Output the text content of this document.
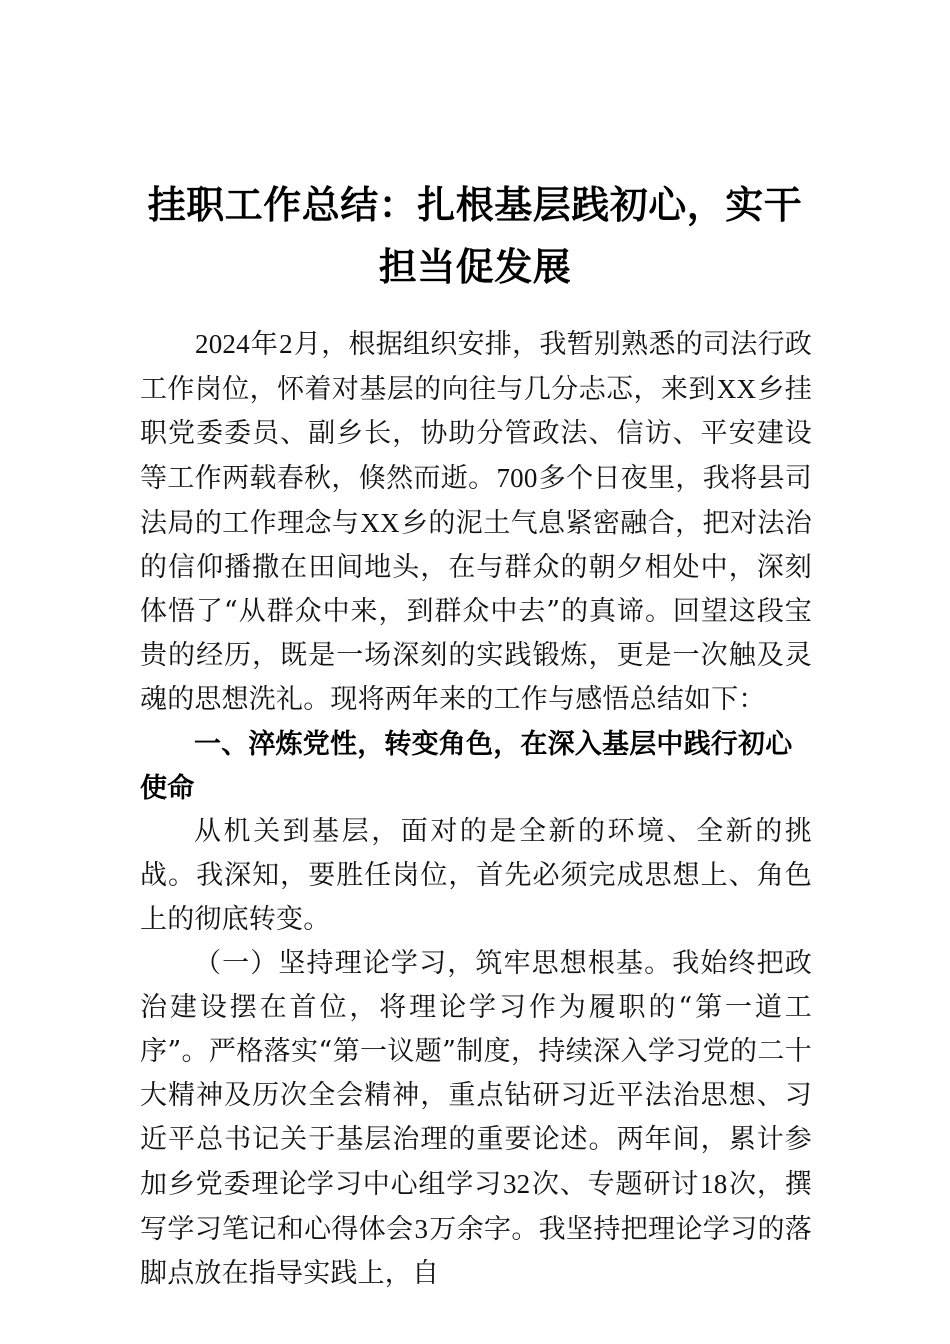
挂职工作总结：扎根基层践初心，实干担当促发展

2024年2月，根据组织安排，我暂别熟悉的司法行政工作岗位，怀着对基层的向往与几分忐忑，来到XX乡挂职党委委员、副乡长，协助分管政法、信访、平安建设等工作两载春秋，倏然而逝。700多个日夜里，我将县司法局的工作理念与XX乡的泥土气息紧密融合，把对法治的信仰播撒在田间地头，在与群众的朝夕相处中，深刻体悟了“从群众中来，到群众中去”的真谛。回望这段宝贵的经历，既是一场深刻的实践锻炼，更是一次触及灵魂的思想洗礼。现将两年来的工作与感悟总结如下：

一、淬炼党性，转变角色，在深入基层中践行初心使命

从机关到基层，面对的是全新的环境、全新的挑战。我深知，要胜任岗位，首先必须完成思想上、角色上的彻底转变。

（一）坚持理论学习，筑牢思想根基。我始终把政治建设摆在首位，将理论学习作为履职的“第一道工序”。严格落实“第一议题”制度，持续深入学习党的二十大精神及历次全会精神，重点钻研习近平法治思想、习近平总书记关于基层治理的重要论述。两年间，累计参加乡党委理论学习中心组学习32次、专题研讨18次，撰写学习笔记和心得体会3万余字。我坚持把理论学习的落脚点放在指导实践上，自
